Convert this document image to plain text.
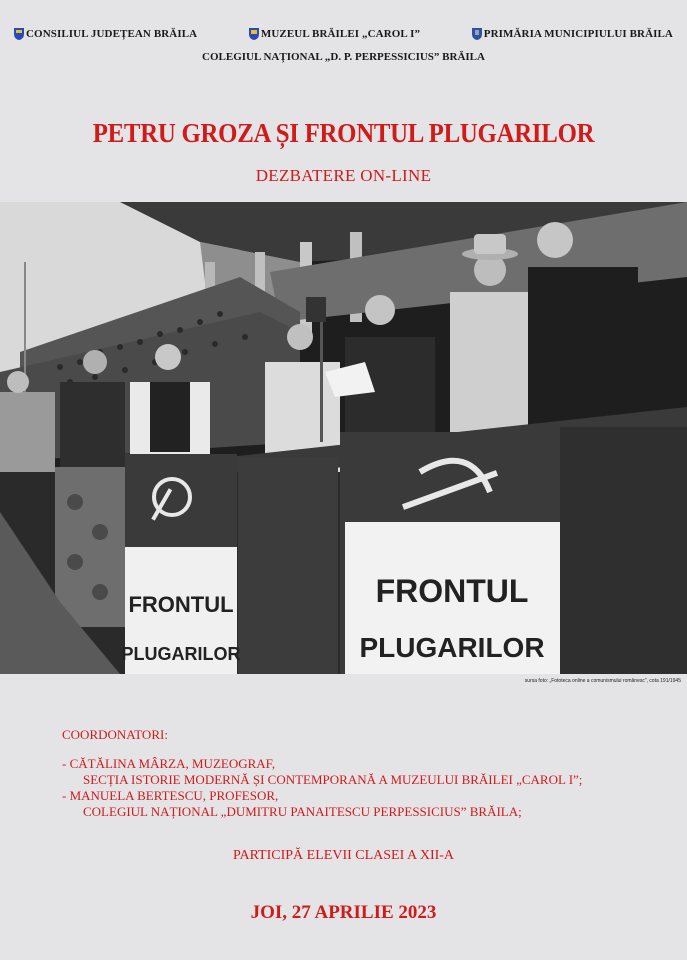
CONSILIUL JUDEȚEAN BRĂILA	MUZEUL BRĂILEI „CAROL I”	PRIMĂRIA MUNICIPIULUI BRĂILA
COLEGIUL NAȚIONAL „D. P. PERPESSICIUS” BRĂILA
PETRU GROZA ȘI FRONTUL PLUGARILOR
DEZBATERE ON-LINE
FRONTUL
PLUGARILOR
FRONTUL
PLUGARILOR
sursa foto: „Fototeca online a comunismului românesc”, cota 191/1945
COORDONATORI:
- CĂTĂLINA MÂRZA, MUZEOGRAF,
SECȚIA ISTORIE MODERNĂ ȘI CONTEMPORANĂ A MUZEULUI BRĂILEI „CAROL I”;
- MANUELA BERTESCU, PROFESOR,
COLEGIUL NAȚIONAL „DUMITRU PANAITESCU PERPESSICIUS” BRĂILA;
PARTICIPĂ ELEVII CLASEI A XII-A
JOI, 27 APRILIE 2023
